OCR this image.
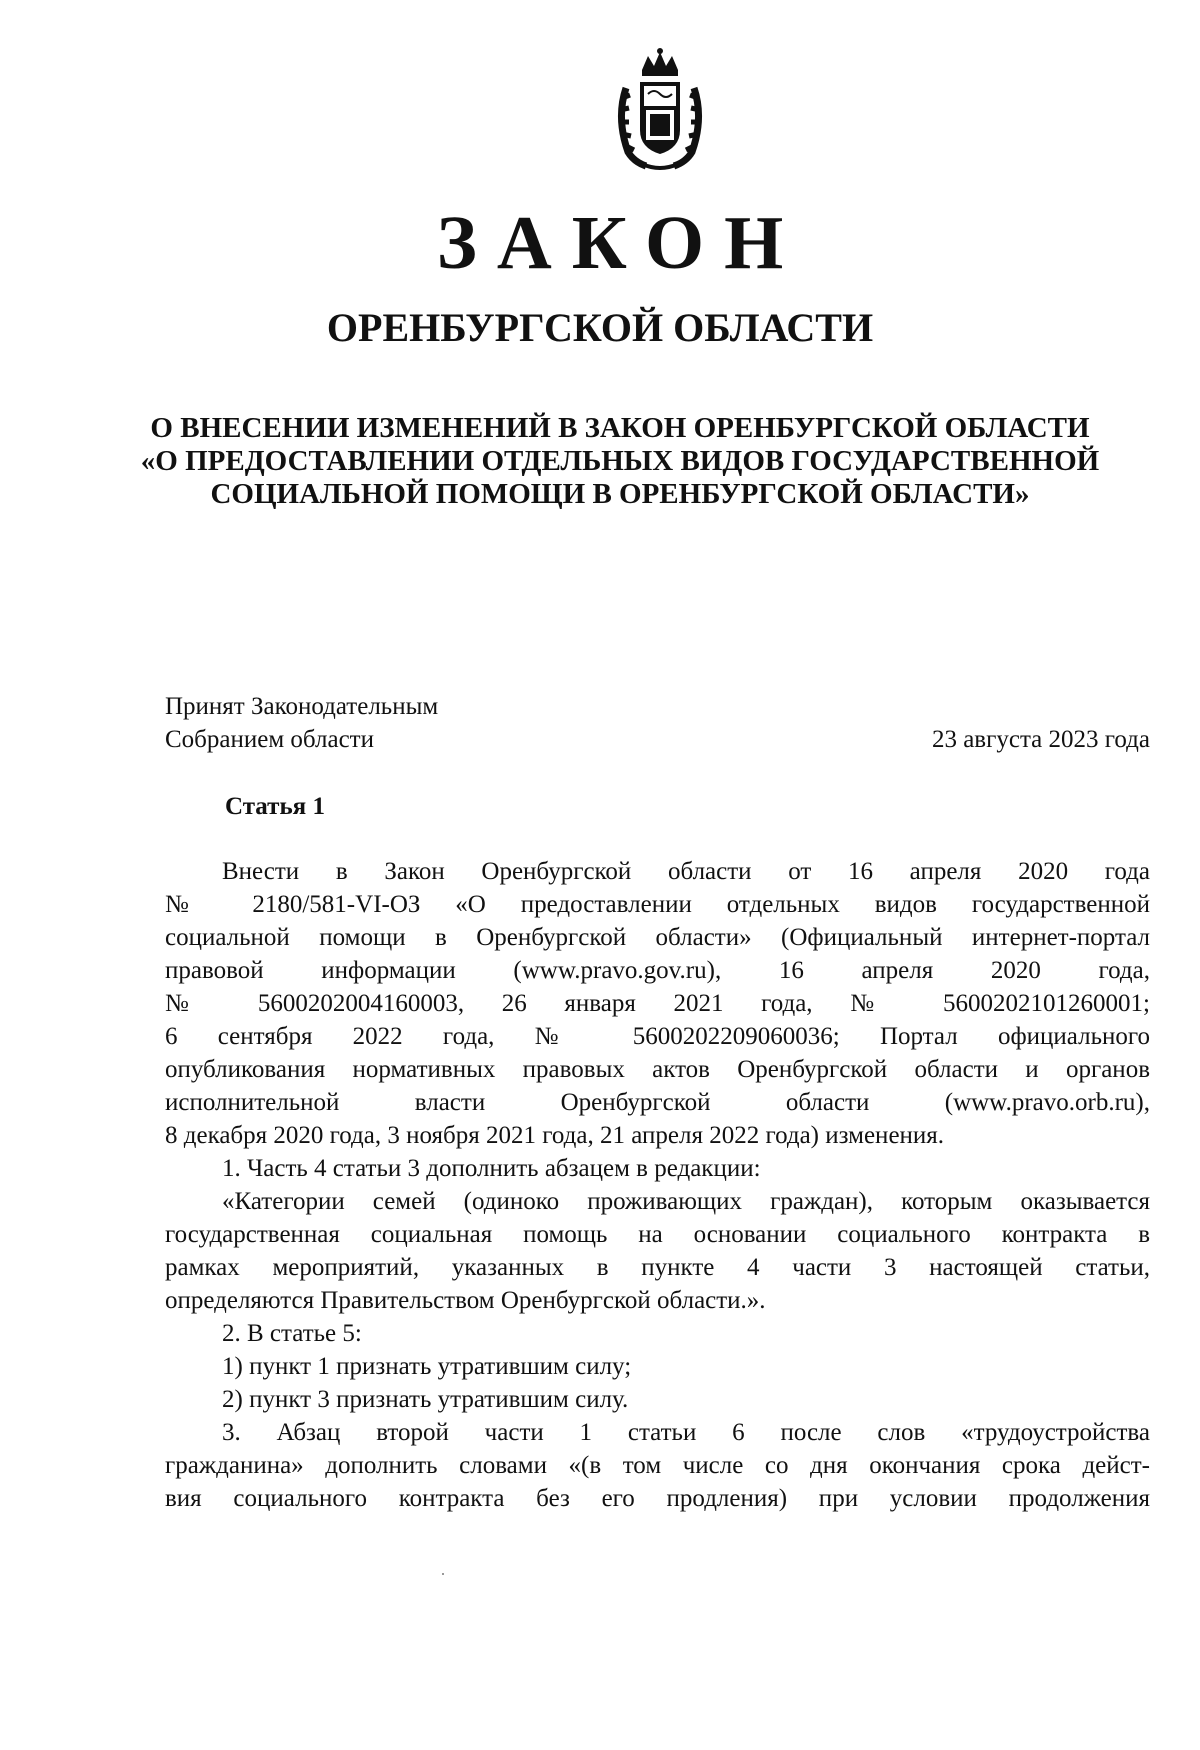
ЗАКОН
ОРЕНБУРГСКОЙ ОБЛАСТИ
О ВНЕСЕНИИ ИЗМЕНЕНИЙ В ЗАКОН ОРЕНБУРГСКОЙ ОБЛАСТИ
«О ПРЕДОСТАВЛЕНИИ ОТДЕЛЬНЫХ ВИДОВ ГОСУДАРСТВЕННОЙ
СОЦИАЛЬНОЙ ПОМОЩИ В ОРЕНБУРГСКОЙ ОБЛАСТИ»
Принят Законодательным
Собранием области	23 августа 2023 года
Статья 1

Внести в Закон Оренбургской области от 16 апреля 2020 года

№ 2180/581-VI-ОЗ «О предоставлении отдельных видов государственной

социальной помощи в Оренбургской области» (Официальный интернет-портал

правовой информации (www.pravo.gov.ru), 16 апреля 2020 года,

№ 5600202004160003, 26 января 2021 года, № 5600202101260001;

6 сентября 2022 года, № 5600202209060036; Портал официального

опубликования нормативных правовых актов Оренбургской области и органов

исполнительной власти Оренбургской области (www.pravo.orb.ru),

8 декабря 2020 года, 3 ноября 2021 года, 21 апреля 2022 года) изменения.

1. Часть 4 статьи 3 дополнить абзацем в редакции:

«Категории семей (одиноко проживающих граждан), которым оказывается

государственная социальная помощь на основании социального контракта в

рамках мероприятий, указанных в пункте 4 части 3 настоящей статьи,

определяются Правительством Оренбургской области.».

2. В статье 5:

1) пункт 1 признать утратившим силу;

2) пункт 3 признать утратившим силу.

3. Абзац второй части 1 статьи 6 после слов «трудоустройства

гражданина» дополнить словами «(в том числе со дня окончания срока дейст-

вия социального контракта без его продления) при условии продолжения
